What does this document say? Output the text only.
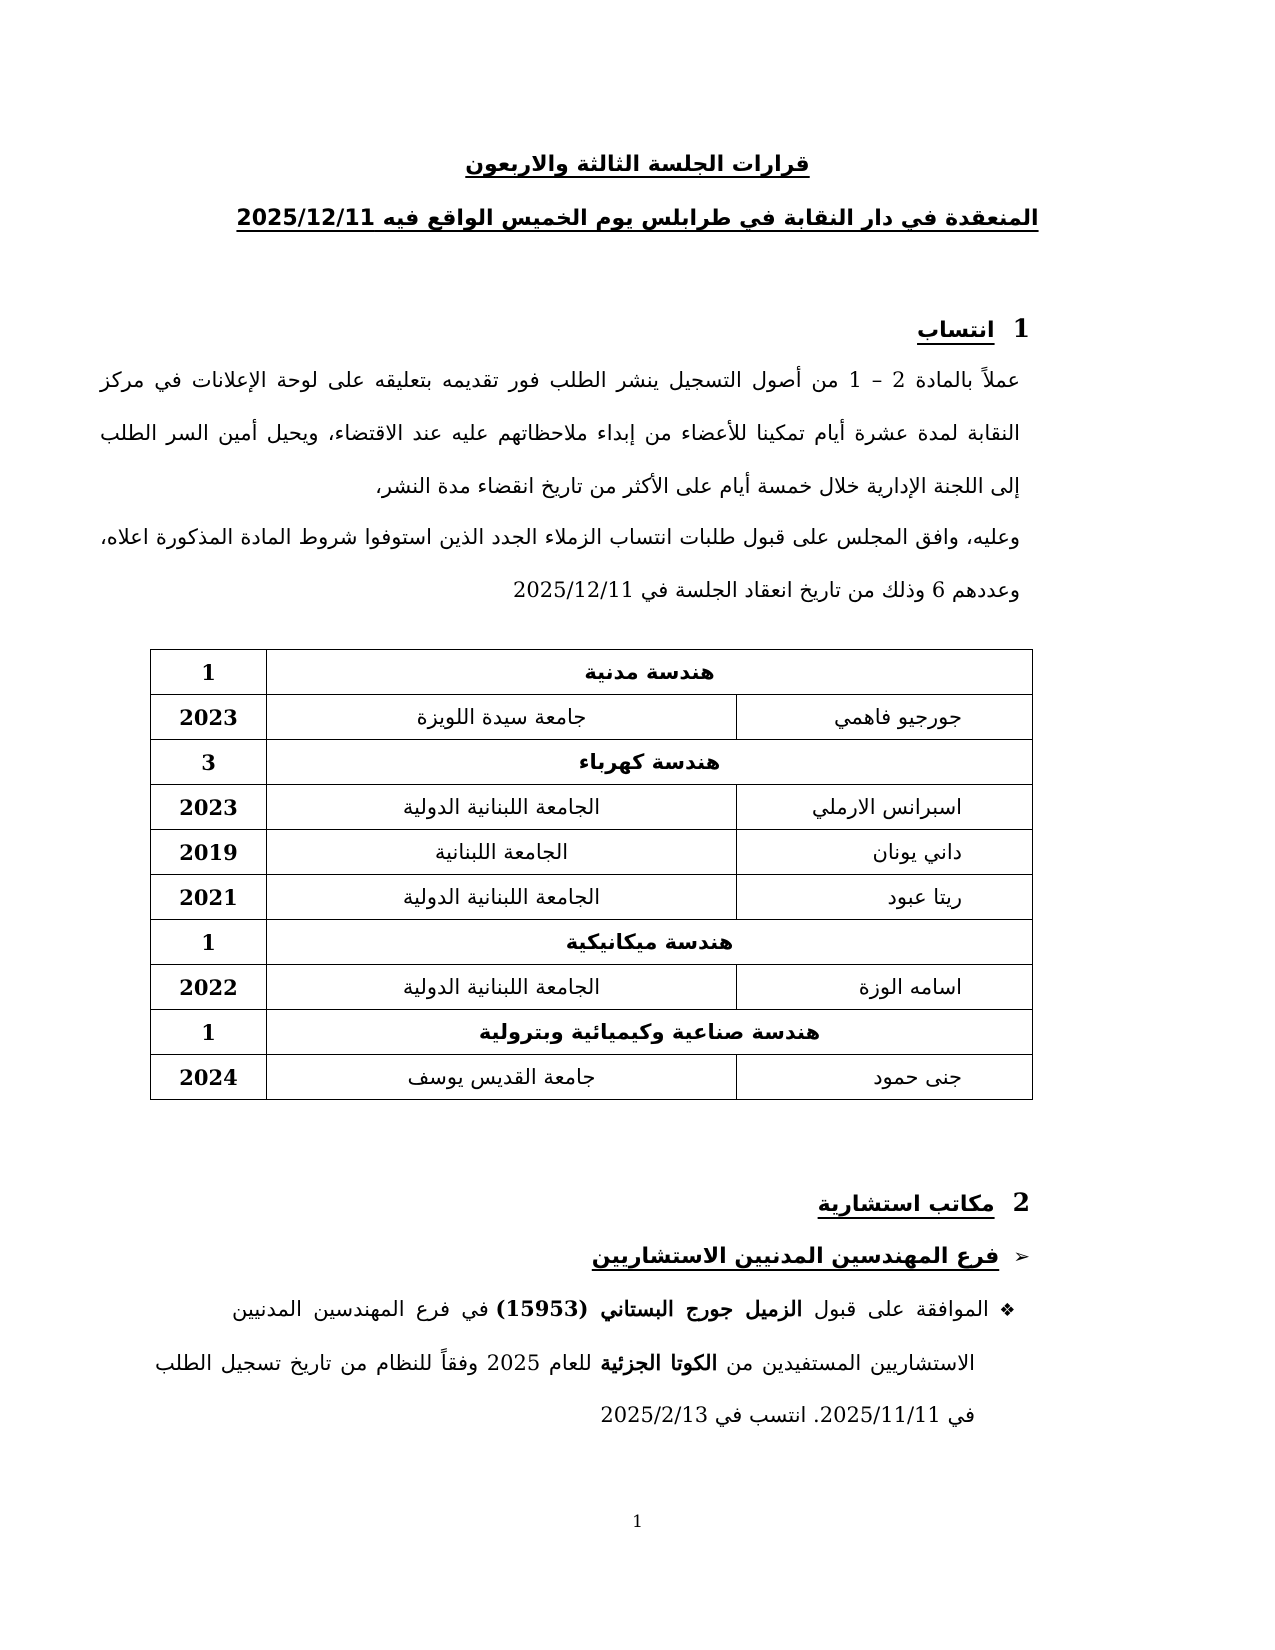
قرارات الجلسة الثالثة والاربعون
المنعقدة في دار النقابة في طرابلس يوم الخميس الواقع فيه 2025/12/11
1انتساب
عملاً بالمادة 2 – 1 من أصول التسجيل ينشر الطلب فور تقديمه بتعليقه على لوحة الإعلانات في مركز
النقابة لمدة عشرة أيام تمكينا للأعضاء من إبداء ملاحظاتهم عليه عند الاقتضاء، ويحيل أمين السر الطلب
إلى اللجنة الإدارية خلال خمسة أيام على الأكثر من تاريخ انقضاء مدة النشر،
وعليه، وافق المجلس على قبول طلبات انتساب الزملاء الجدد الذين استوفوا شروط المادة المذكورة اعلاه،
وعددهم 6 وذلك من تاريخ انعقاد الجلسة في 2025/12/11
1	هندسة مدنية	
2023	جامعة سيدة اللويزة	جورجيو فاهمي
3	هندسة كهرباء	
2023	الجامعة اللبنانية الدولية	اسبرانس الارملي
2019	الجامعة اللبنانية	داني يونان
2021	الجامعة اللبنانية الدولية	ريتا عبود
1	هندسة ميكانيكية	
2022	الجامعة اللبنانية الدولية	اسامه الوزة
1	هندسة صناعية وكيميائية وبترولية	
2024	جامعة القديس يوسف	جنى حمود
2مكاتب استشارية
➢فرع المهندسين المدنيين الاستشاريين
❖ الموافقة على قبول الزميل جورج البستاني (15953) في فرع المهندسين المدنيين
الاستشاريين المستفيدين من الكوتا الجزئية للعام 2025 وفقاً للنظام من تاريخ تسجيل الطلب
في 2025/11/11. انتسب في 2025/2/13
1
